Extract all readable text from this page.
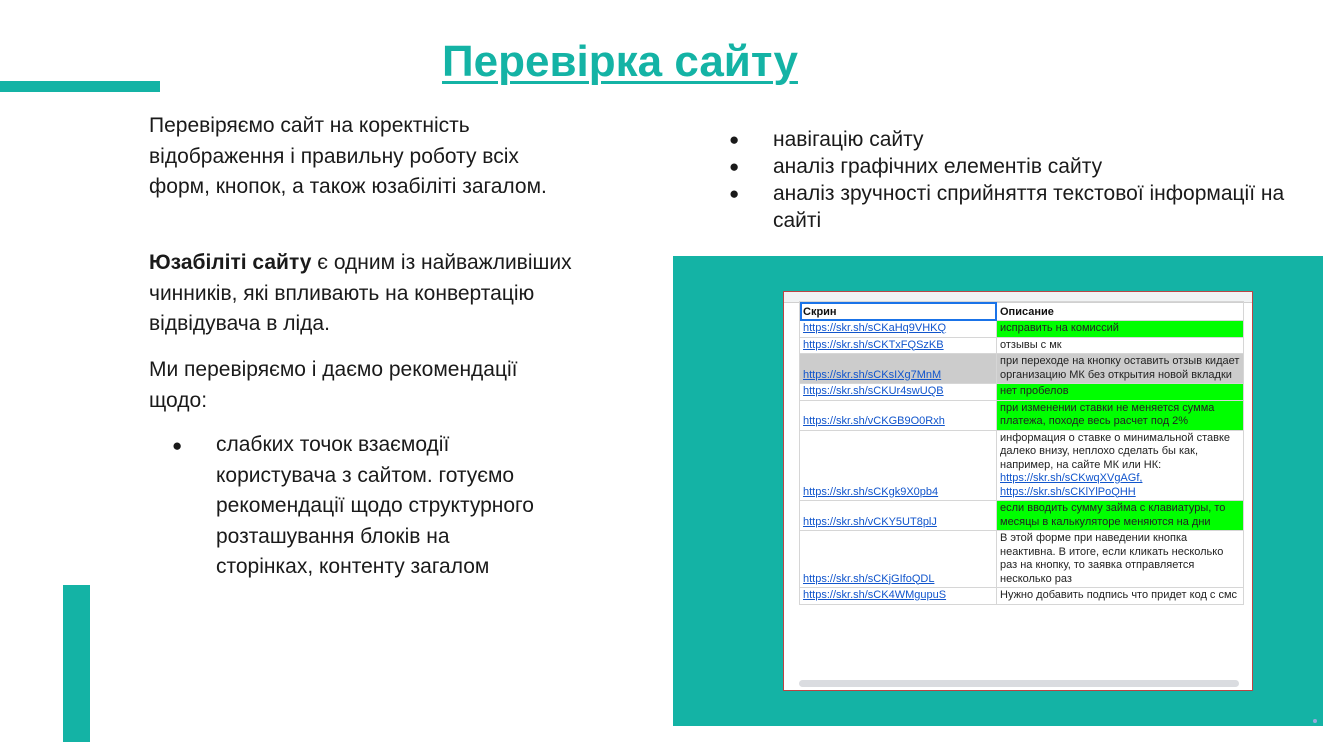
Перевірка сайту

Перевіряємо сайт на коректність відображення і правильну роботу всіх форм, кнопок, а також юзабіліті загалом.

Юзабіліті сайту є одним із найважливіших чинників, які впливають на конвертацію відвідувача в ліда.

Ми перевіряємо і даємо рекомендації щодо:

● слабких точок взаємодії користувача з сайтом. готуємо рекомендації щодо структурного розташування блоків на сторінках, контенту загалом
● навігацію сайту
● аналіз графічних елементів сайту
● аналіз зручності сприйняття текстової інформації на сайті
Скрин	Описание
https://skr.sh/sCKaHq9VHKQ	исправить на комиссий
https://skr.sh/sCKTxFQSzKB	отзывы с мк
https://skr.sh/sCKsIXg7MnM	при переходе на кнопку оставить отзыв кидает организацию МК без открытия новой вкладки
https://skr.sh/sCKUr4swUQB	нет пробелов
https://skr.sh/vCKGB9O0Rxh	при изменении ставки не меняется сумма платежа, походе весь расчет под 2%
https://skr.sh/sCKgk9X0pb4	информация о ставке о минимальной ставке далеко внизу, неплохо сделать бы как, например, на сайте МК или НК:
https://skr.sh/sCKwqXVgAGf,
https://skr.sh/sCKlYlPoQHH

https://skr.sh/vCKY5UT8plJ	если вводить сумму займа с клавиатуры, то месяцы в калькуляторе меняются на дни
https://skr.sh/sCKjGIfoQDL	В этой форме при наведении кнопка неактивна. В итоге, если кликать несколько раз на кнопку, то заявка отправляется несколько раз
https://skr.sh/sCK4WMgupuS	Нужно добавить подпись что придет код с смс
